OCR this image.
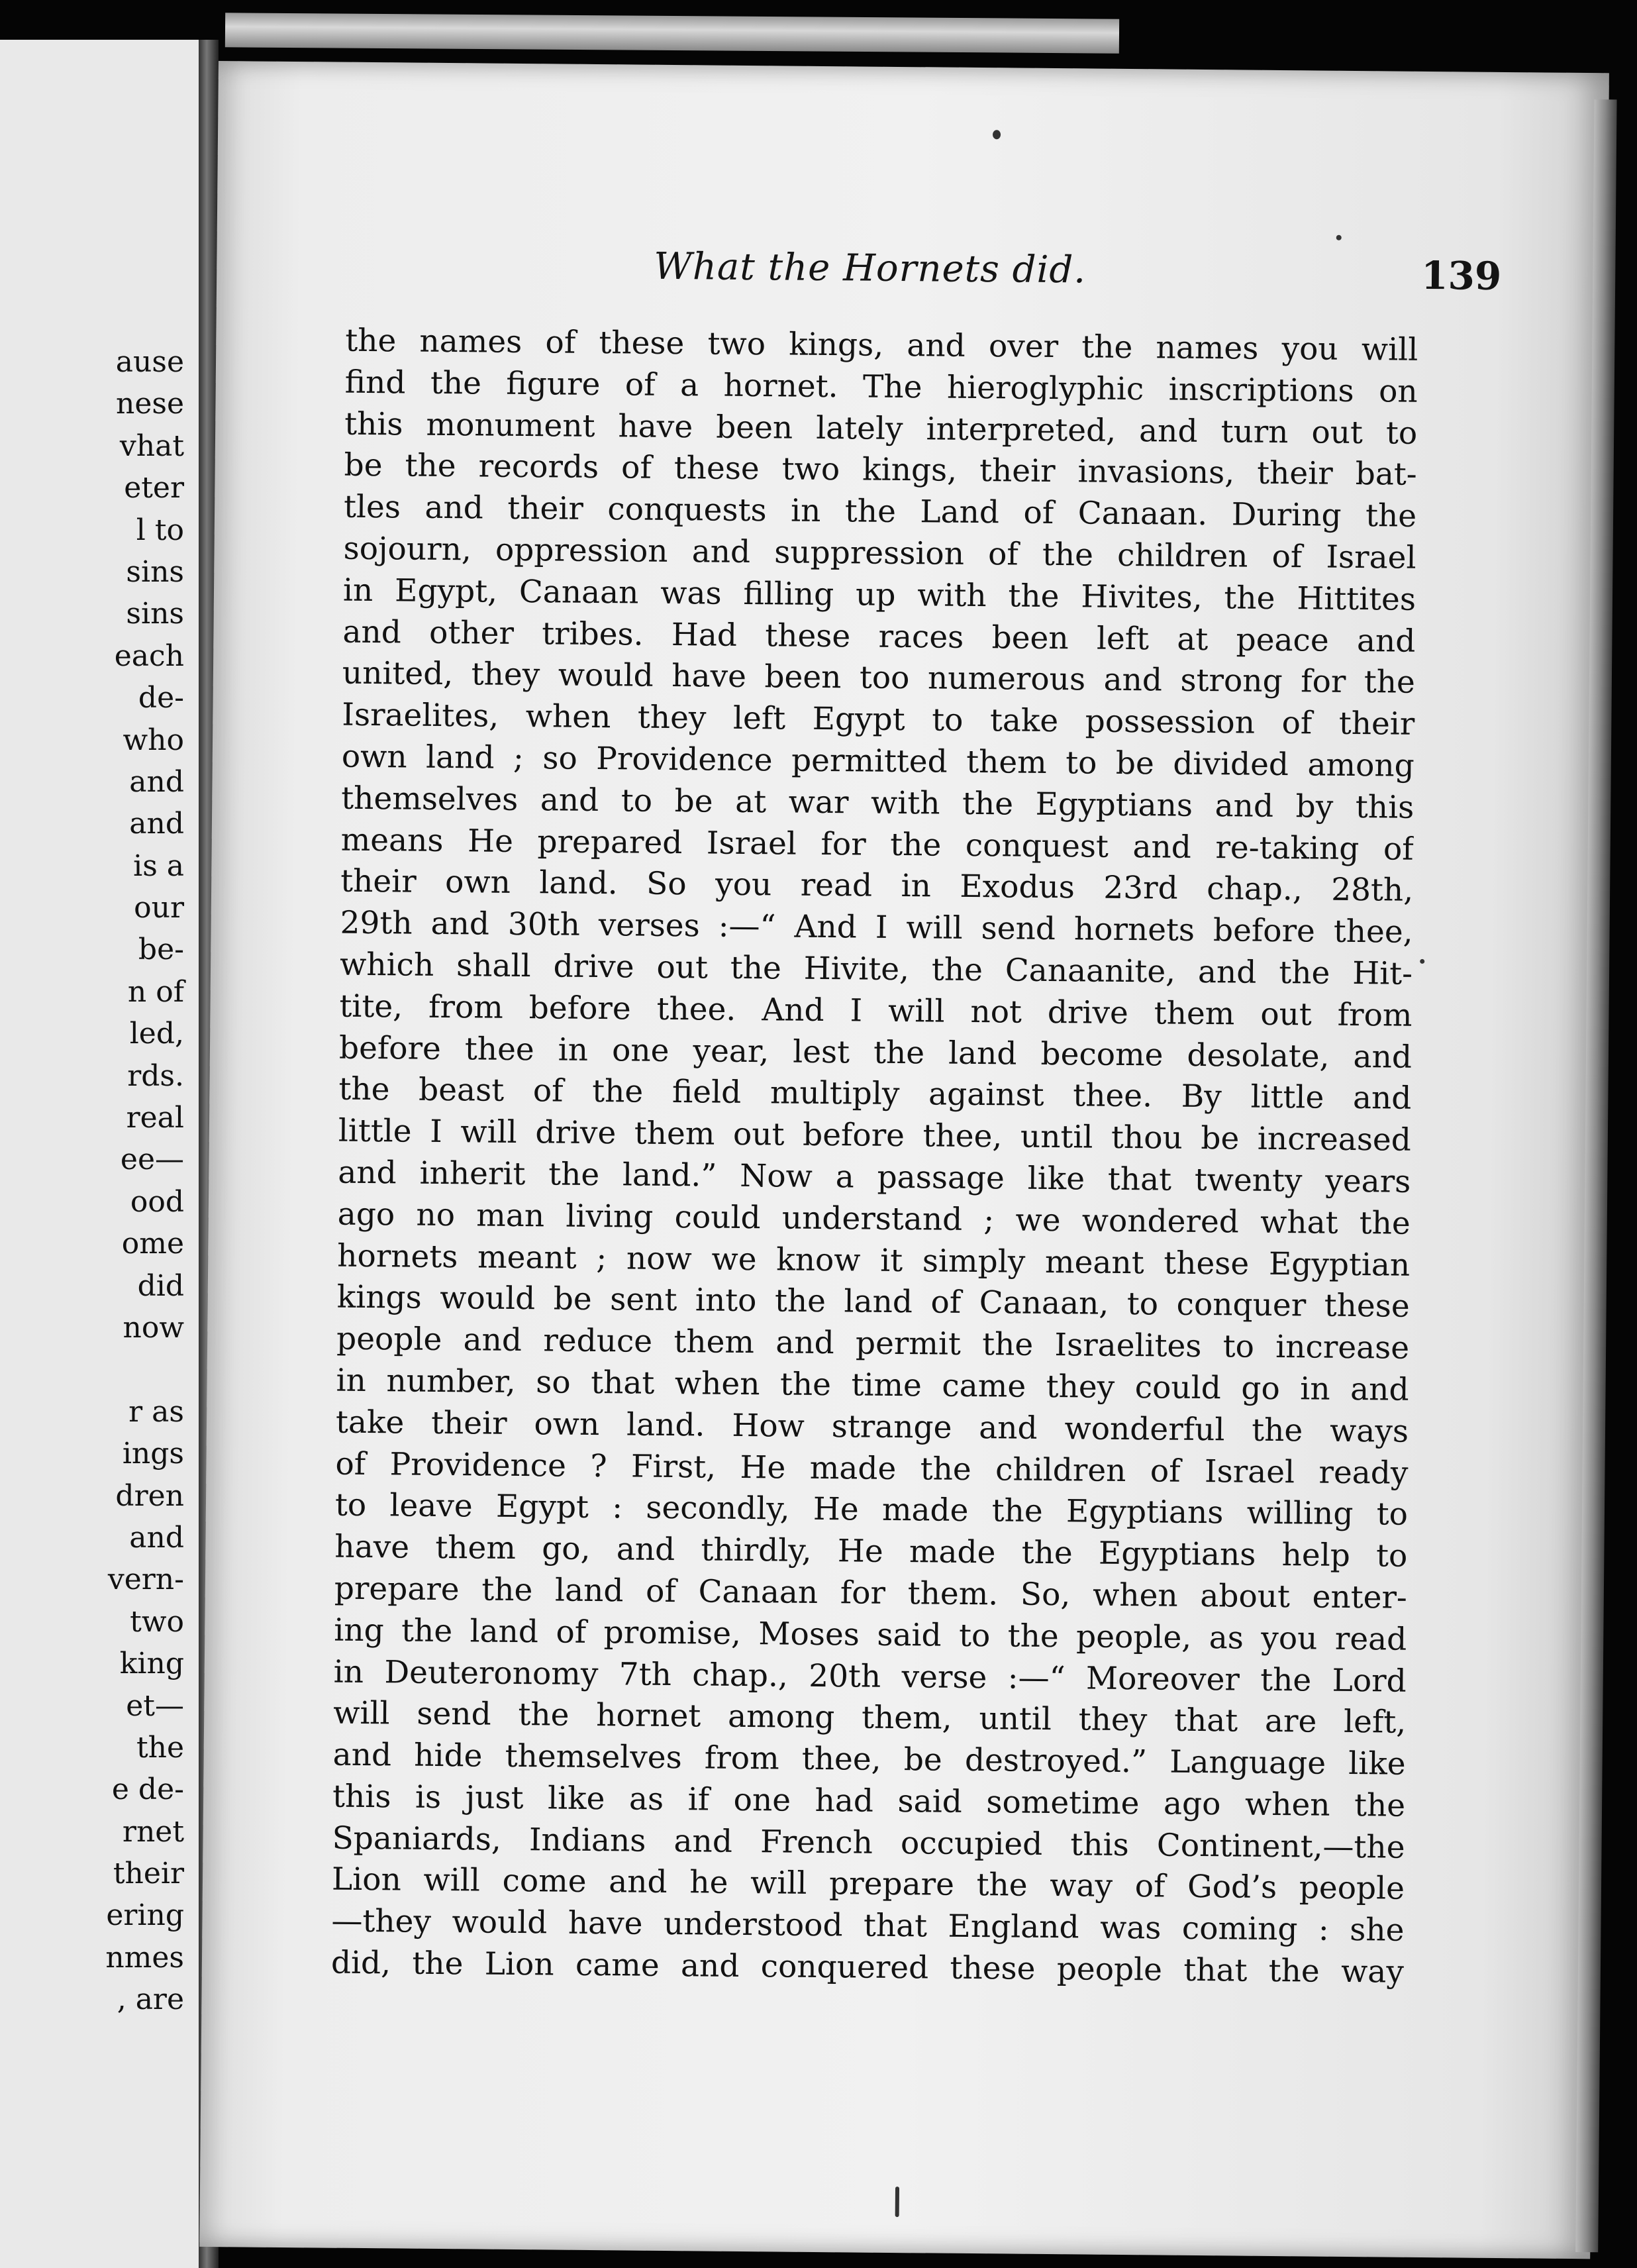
ause
nese
vhat
eter
l to
sins
sins
each
de-
who
and
and
is a
our
be-
n of
led,
rds.
real
ee—
ood
ome
did
now
r as
ings
dren
and
vern-
two
king
et—
the
e de-
rnet
their
ering
nmes
, are
What the Hornets did.	139
the names of these two kings, and over the names you will
find the figure of a hornet. The hieroglyphic inscriptions on
this monument have been lately interpreted, and turn out to
be the records of these two kings, their invasions, their bat-
tles and their conquests in the Land of Canaan. During the
sojourn, oppression and suppression of the children of Israel
in Egypt, Canaan was filling up with the Hivites, the Hittites
and other tribes. Had these races been left at peace and
united, they would have been too numerous and strong for the
Israelites, when they left Egypt to take possession of their
own land ; so Providence permitted them to be divided among
themselves and to be at war with the Egyptians and by this
means He prepared Israel for the conquest and re-taking of
their own land. So you read in Exodus 23rd chap., 28th,
29th and 30th verses :—“ And I will send hornets before thee,
which shall drive out the Hivite, the Canaanite, and the Hit-
tite, from before thee. And I will not drive them out from
before thee in one year, lest the land become desolate, and
the beast of the field multiply against thee. By little and
little I will drive them out before thee, until thou be increased
and inherit the land.” Now a passage like that twenty years
ago no man living could understand ; we wondered what the
hornets meant ; now we know it simply meant these Egyptian
kings would be sent into the land of Canaan, to conquer these
people and reduce them and permit the Israelites to increase
in number, so that when the time came they could go in and
take their own land. How strange and wonderful the ways
of Providence ? First, He made the children of Israel ready
to leave Egypt : secondly, He made the Egyptians willing to
have them go, and thirdly, He made the Egyptians help to
prepare the land of Canaan for them. So, when about enter-
ing the land of promise, Moses said to the people, as you read
in Deuteronomy 7th chap., 20th verse :—“ Moreover the Lord
will send the hornet among them, until they that are left,
and hide themselves from thee, be destroyed.” Language like
this is just like as if one had said sometime ago when the
Spaniards, Indians and French occupied this Continent,—the
Lion will come and he will prepare the way of God’s people
—they would have understood that England was coming : she
did, the Lion came and conquered these people that the way
